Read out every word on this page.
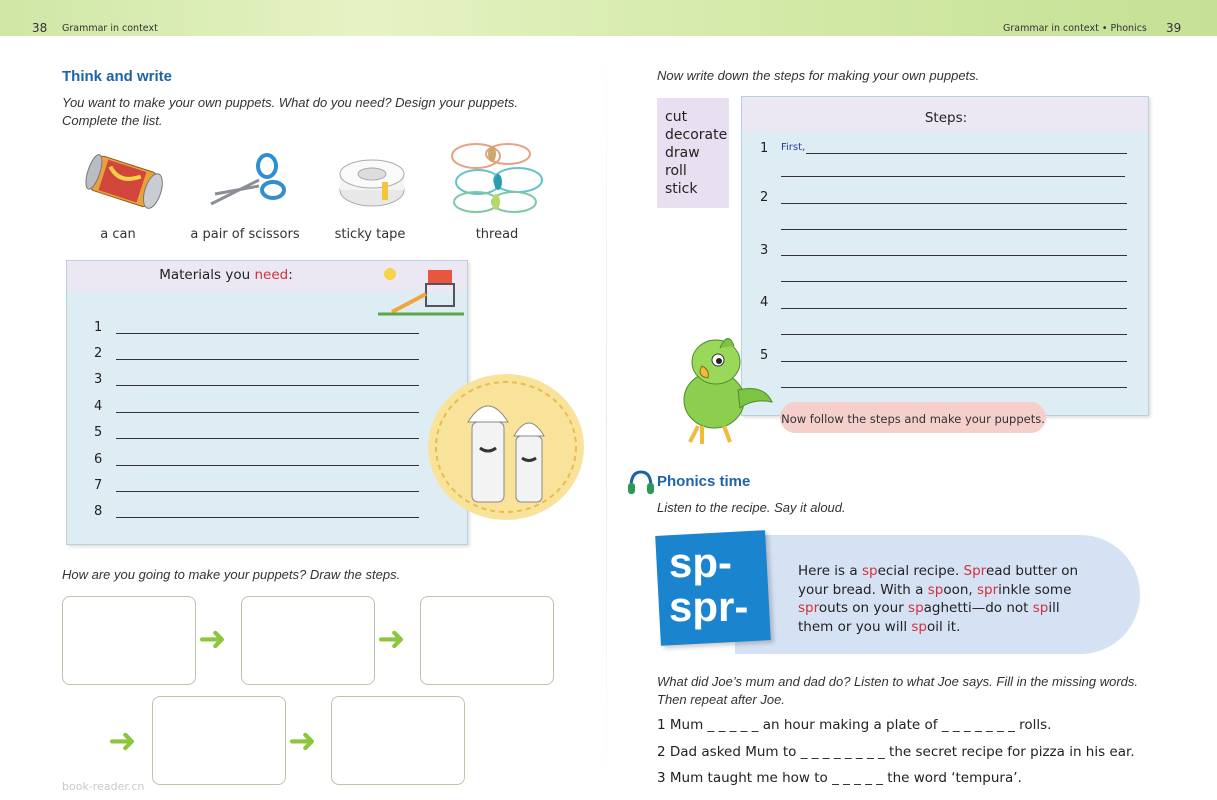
38 Grammar in context	Grammar in context • Phonics 39
Think and write
You want to make your own puppets. What do you need? Design your puppets. Complete the list.
a can	a pair of scissors	sticky tape	thread
Materials you need:
1
2
3
4
5
6
7
8
How are you going to make your puppets? Draw the steps.
➜	➜
➜	➜
book-reader.cn
Now write down the steps for making your own puppets.
cut
decorate
draw
roll
stick
Steps:
1 First,
2
3
4
5
Now follow the steps and make your puppets.
Phonics time
Listen to the recipe. Say it aloud.
sp-
spr-
Here is a special recipe. Spread butter on
your bread. With a spoon, sprinkle some
sprouts on your spaghetti—do not spill
them or you will spoil it.
What did Joe’s mum and dad do? Listen to what Joe says. Fill in the missing words. Then repeat after Joe.
1 Mum _ _ _ _ _ an hour making a plate of _ _ _ _ _ _ _ rolls.
2 Dad asked Mum to _ _ _ _ _ _ _ _ the secret recipe for pizza in his ear.
3 Mum taught me how to _ _ _ _ _ the word ‘tempura’.
